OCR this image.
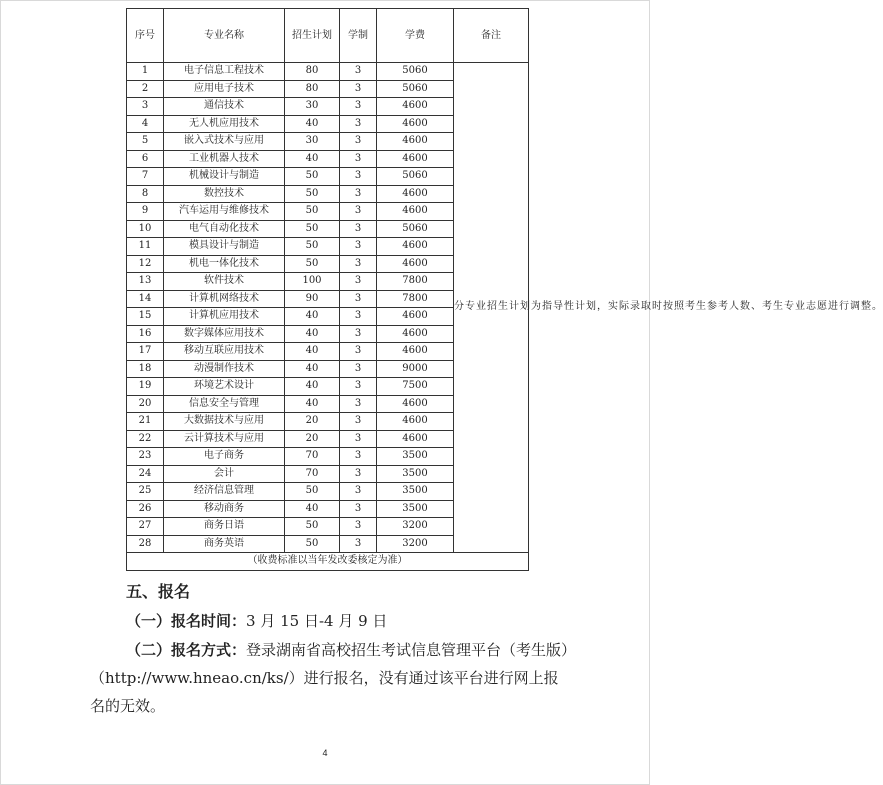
序号	专业名称	招生计划	学制	学费	备注
1	电子信息工程技术	80	3	5060	分专业招生计划为指导性计划，实际录取时按照考生参考人数、考生专业志愿进行调整。
2	应用电子技术	80	3	5060	
3	通信技术	30	3	4600	
4	无人机应用技术	40	3	4600	
5	嵌入式技术与应用	30	3	4600	
6	工业机器人技术	40	3	4600	
7	机械设计与制造	50	3	5060	
8	数控技术	50	3	4600	
9	汽车运用与维修技术	50	3	4600	
10	电气自动化技术	50	3	5060	
11	模具设计与制造	50	3	4600	
12	机电一体化技术	50	3	4600	
13	软件技术	100	3	7800	
14	计算机网络技术	90	3	7800	
15	计算机应用技术	40	3	4600	
16	数字媒体应用技术	40	3	4600	
17	移动互联应用技术	40	3	4600	
18	动漫制作技术	40	3	9000	
19	环境艺术设计	40	3	7500	
20	信息安全与管理	40	3	4600	
21	大数据技术与应用	20	3	4600	
22	云计算技术与应用	20	3	4600	
23	电子商务	70	3	3500	
24	会计	70	3	3500	
25	经济信息管理	50	3	3500	
26	移动商务	40	3	3500	
27	商务日语	50	3	3200	
28	商务英语	50	3	3200	
（收费标准以当年发改委核定为准）					
五、报名
（一）报名时间：3 月 15 日-4 月 9 日
（二）报名方式：登录湖南省高校招生考试信息管理平台（考生版）（http://www.hneao.cn/ks/）进行报名，没有通过该平台进行网上报名的无效。
4
